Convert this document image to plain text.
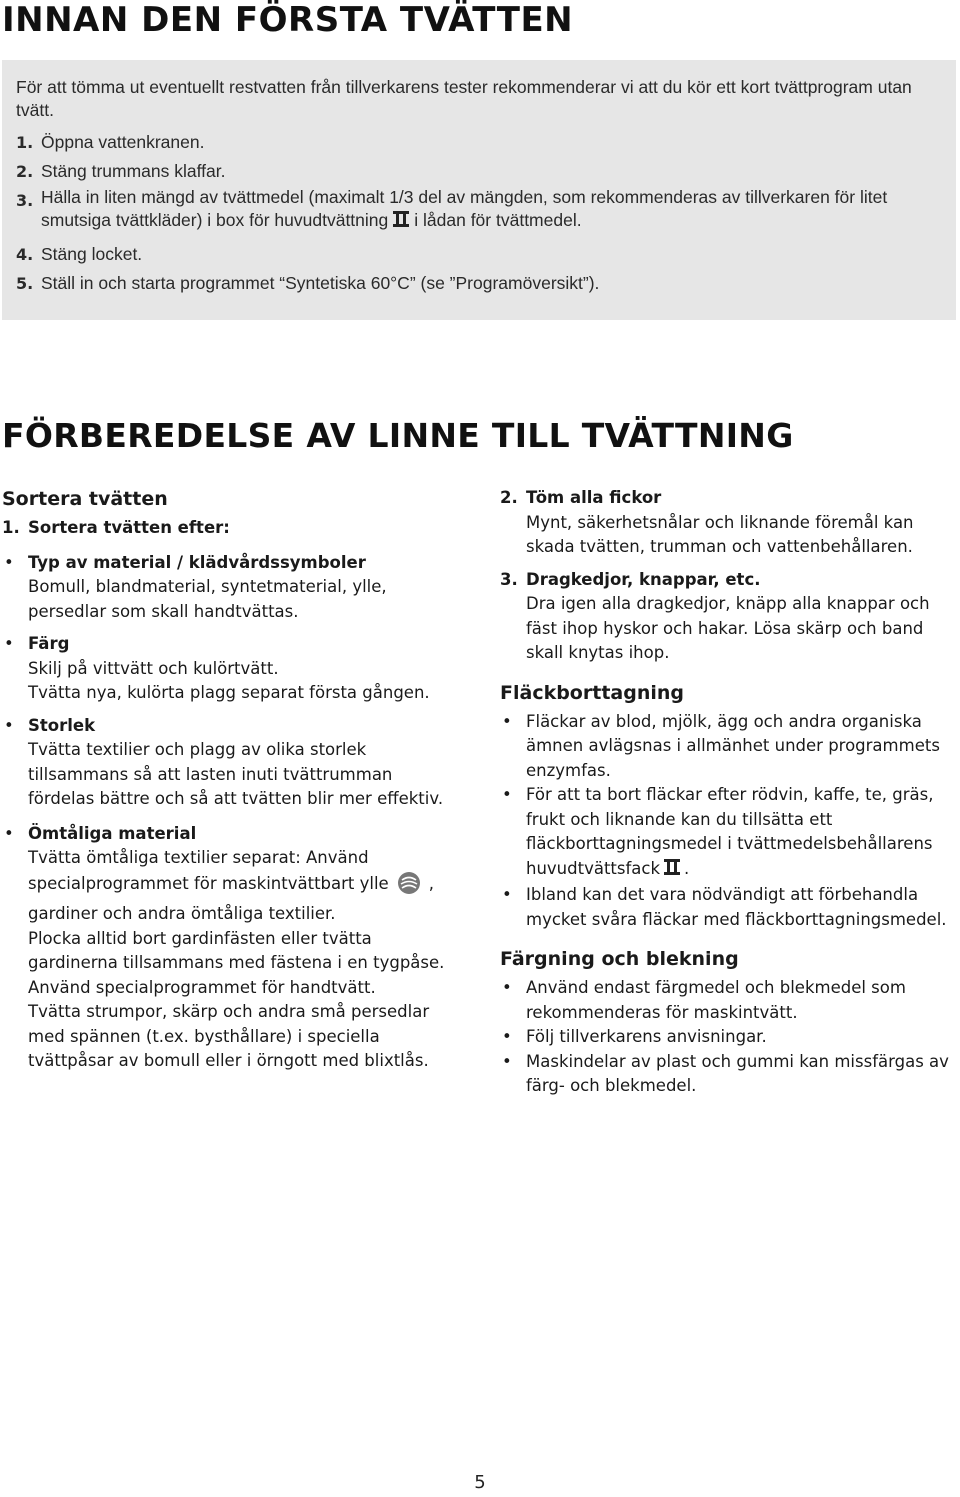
INNAN DEN FÖRSTA TVÄTTEN

För att tömma ut eventuellt restvatten från tillverkarens tester rekommenderar vi att du kör ett kort tvättprogram utan tvätt.

1. Öppna vattenkranen.
2. Stäng trummans klaffar.
3. Hälla in liten mängd av tvättmedel (maximalt 1/3 del av mängden, som rekommenderas av tillverkaren för litet smutsiga tvättkläder) i box för huvudtvättning i lådan för tvättmedel.
4. Stäng locket.
5. Ställ in och starta programmet “Syntetiska 60°C” (se ”Programöversikt”).
FÖRBEREDELSE AV LINNE TILL TVÄTTNING
Sortera tvätten
1. Sortera tvätten efter:
• Typ av material / klädvårdssymboler
Bomull, blandmaterial, syntetmaterial, ylle,
persedlar som skall handtvättas.
• Färg
Skilj på vittvätt och kulörtvätt.
Tvätta nya, kulörta plagg separat första gången.
• Storlek
Tvätta textilier och plagg av olika storlek
tillsammans så att lasten inuti tvättrumman
fördelas bättre och så att tvätten blir mer effektiv.
• Ömtåliga material
Tvätta ömtåliga textilier separat: Använd
specialprogrammet för maskintvättbart ylle ,
gardiner och andra ömtåliga textilier.
Plocka alltid bort gardinfästen eller tvätta
gardinerna tillsammans med fästena i en tygpåse.
Använd specialprogrammet för handtvätt.
Tvätta strumpor, skärp och andra små persedlar
med spännen (t.ex. bysthållare) i speciella
tvättpåsar av bomull eller i örngott med blixtlås.
2. Töm alla fickor
Mynt, säkerhetsnålar och liknande föremål kan
skada tvätten, trumman och vattenbehållaren.
3. Dragkedjor, knappar, etc.
Dra igen alla dragkedjor, knäpp alla knappar och
fäst ihop hyskor och hakar. Lösa skärp och band
skall knytas ihop.
Fläckborttagning
• Fläckar av blod, mjölk, ägg och andra organiska
ämnen avlägsnas i allmänhet under programmets
enzymfas.
• För att ta bort fläckar efter rödvin, kaffe, te, gräs,
frukt och liknande kan du tillsätta ett
fläckborttagningsmedel i tvättmedelsbehållarens
huvudtvättsfack .
• Ibland kan det vara nödvändigt att förbehandla
mycket svåra fläckar med fläckborttagningsmedel.
Färgning och blekning
• Använd endast färgmedel och blekmedel som
rekommenderas för maskintvätt.
• Följ tillverkarens anvisningar.
• Maskindelar av plast och gummi kan missfärgas av
färg- och blekmedel.
5
